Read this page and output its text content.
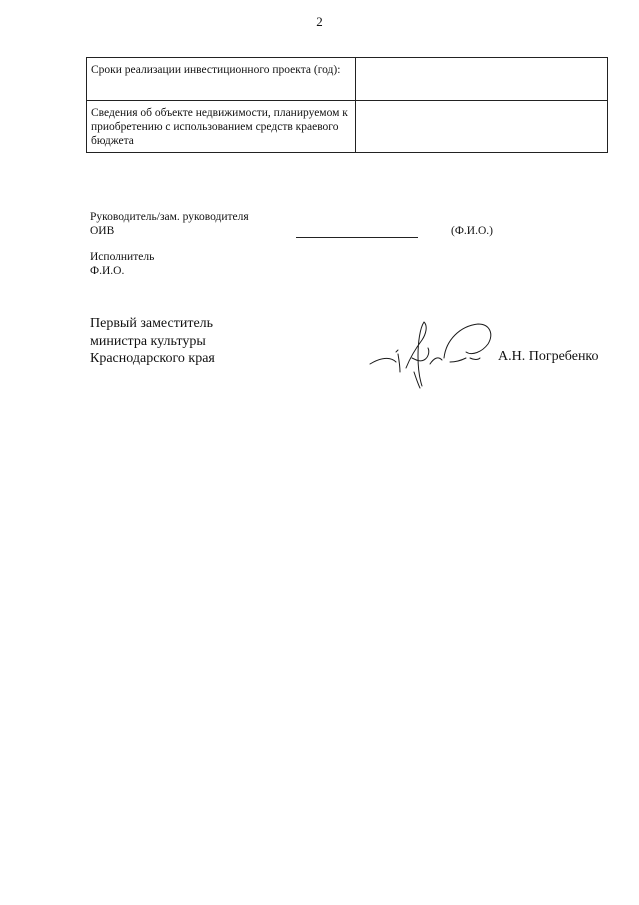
2
Сроки реализации инвестиционного проекта (год):	
Сведения об объекте недвижимости, планируемом к приобретению с использованием средств краевого бюджета	
Руководитель/зам. руководителя
ОИВ	(Ф.И.О.)
Исполнитель
Ф.И.О.
Первый заместитель
министра культуры
Краснодарского края	А.Н. Погребенко
